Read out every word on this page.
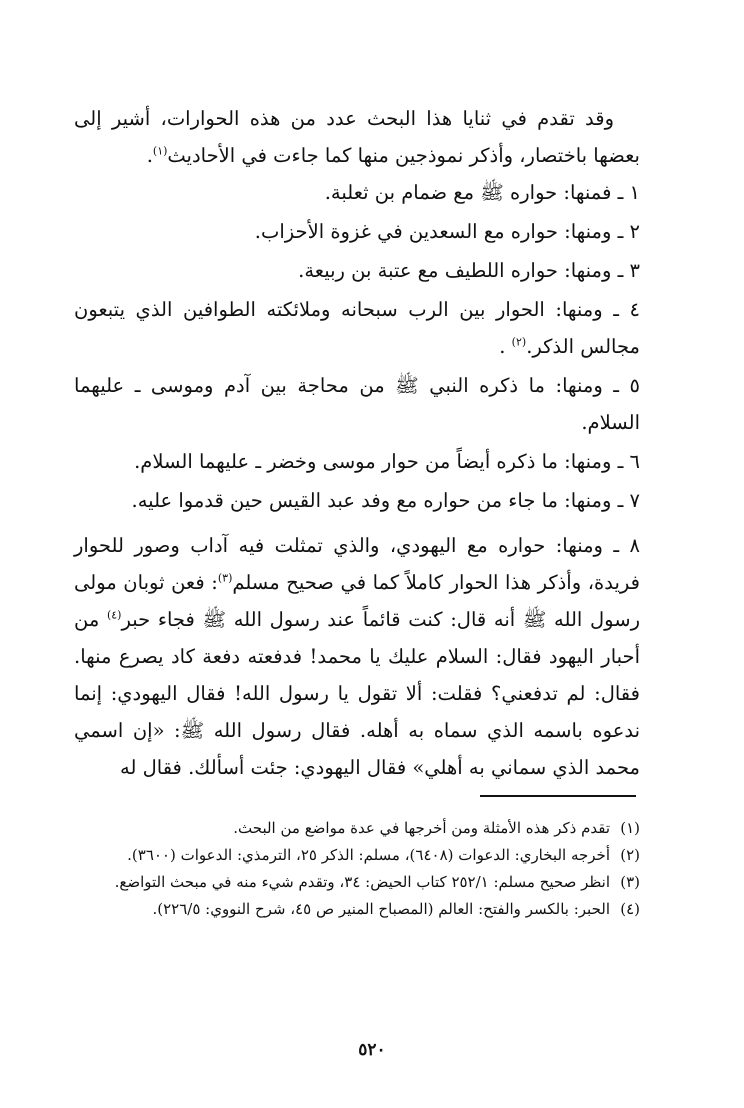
وقد تقدم في ثنايا هذا البحث عدد من هذه الحوارات، أشير إلى بعضها باختصار، وأذكر نموذجين منها كما جاءت في الأحاديث$^{(١)}$.

١ ـ فمنها: حواره ﷺ مع ضمام بن ثعلبة.

٢ ـ ومنها: حواره مع السعدين في غزوة الأحزاب.

٣ ـ ومنها: حواره اللطيف مع عتبة بن ربيعة.

٤ ـ ومنها: الحوار بين الرب سبحانه وملائكته الطوافين الذي يتبعون مجالس الذكر.$^{(٢)}$ .

٥ ـ ومنها: ما ذكره النبي ﷺ من محاجة بين آدم وموسى ـ عليهما السلام.

٦ ـ ومنها: ما ذكره أيضاً من حوار موسى وخضر ـ عليهما السلام.

٧ ـ ومنها: ما جاء من حواره مع وفد عبد القيس حين قدموا عليه.

٨ ـ ومنها: حواره مع اليهودي، والذي تمثلت فيه آداب وصور للحوار فريدة، وأذكر هذا الحوار كاملاً كما في صحيح مسلم$^{(٣)}$: فعن ثوبان مولى رسول الله ﷺ أنه قال: كنت قائماً عند رسول الله ﷺ فجاء حبر$^{(٤)}$ من أحبار اليهود فقال: السلام عليك يا محمد! فدفعته دفعة كاد يصرع منها. فقال: لم تدفعني؟ فقلت: ألا تقول يا رسول الله! فقال اليهودي: إنما ندعوه باسمه الذي سماه به أهله. فقال رسول الله ﷺ: «إن اسمي محمد الذي سماني به أهلي» فقال اليهودي: جئت أسألك. فقال له

(١)تقدم ذكر هذه الأمثلة ومن أخرجها في عدة مواضع من البحث.

(٢)أخرجه البخاري: الدعوات (٦٤٠٨)، مسلم: الذكر ٢٥، الترمذي: الدعوات (٣٦٠٠).

(٣)انظر صحيح مسلم: ٢٥٢/١ كتاب الحيض: ٣٤، وتقدم شيء منه في مبحث التواضع.

(٤)الحبر: بالكسر والفتح: العالم (المصباح المنير ص ٤٥، شرح النووي: ٢٢٦/٥).

٥٢٠
